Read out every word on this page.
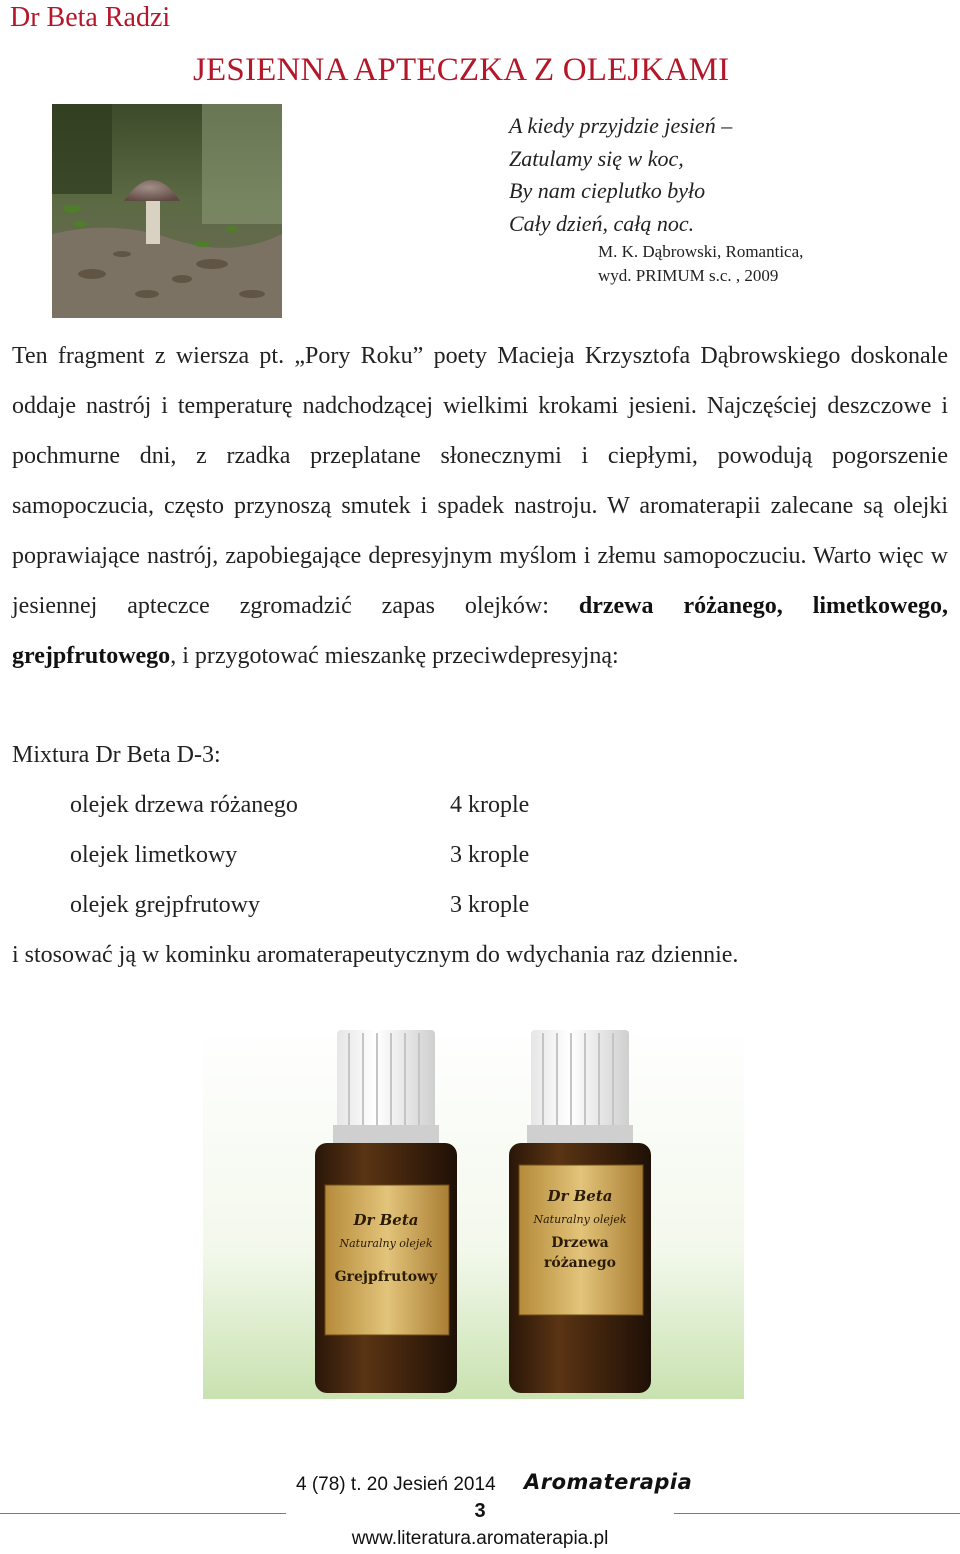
Dr Beta Radzi
JESIENNA APTECZKA Z OLEJKAMI
A kiedy przyjdzie jesień –
Zatulamy się w koc,
By nam cieplutko było
Cały dzień, całą noc.
M. K. Dąbrowski, Romantica,
wyd. PRIMUM s.c. , 2009

Ten fragment z wiersza pt. „Pory Roku” poety Macieja Krzysztofa Dąbrowskiego doskonale oddaje nastrój i temperaturę nadchodzącej wielkimi krokami jesieni. Najczęściej deszczowe i pochmurne dni, z rzadka przeplatane słonecznymi i ciepłymi, powodują pogorszenie samopoczucia, często przynoszą smutek i spadek nastroju. W aromaterapii zalecane są olejki poprawiające nastrój, zapobiegające depresyjnym myślom i złemu samopoczuciu. Warto więc w jesiennej apteczce zgromadzić zapas olejków: drzewa różanego, limetkowego, grejpfrutowego, i przygotować mieszankę przeciwdepresyjną:

Mixtura Dr Beta D-3:
olejek drzewa różanego	4 krople
olejek limetkowy	3 krople
olejek grejpfrutowy	3 krople
i stosować ją w kominku aromaterapeutycznym do wdychania raz dziennie.
Dr Beta
Naturalny olejek
Grejpfrutowy
Dr Beta
Naturalny olejek
Drzewa
różanego
4 (78) t. 20 Jesień 2014 Aromaterapia
3
www.literatura.aromaterapia.pl
